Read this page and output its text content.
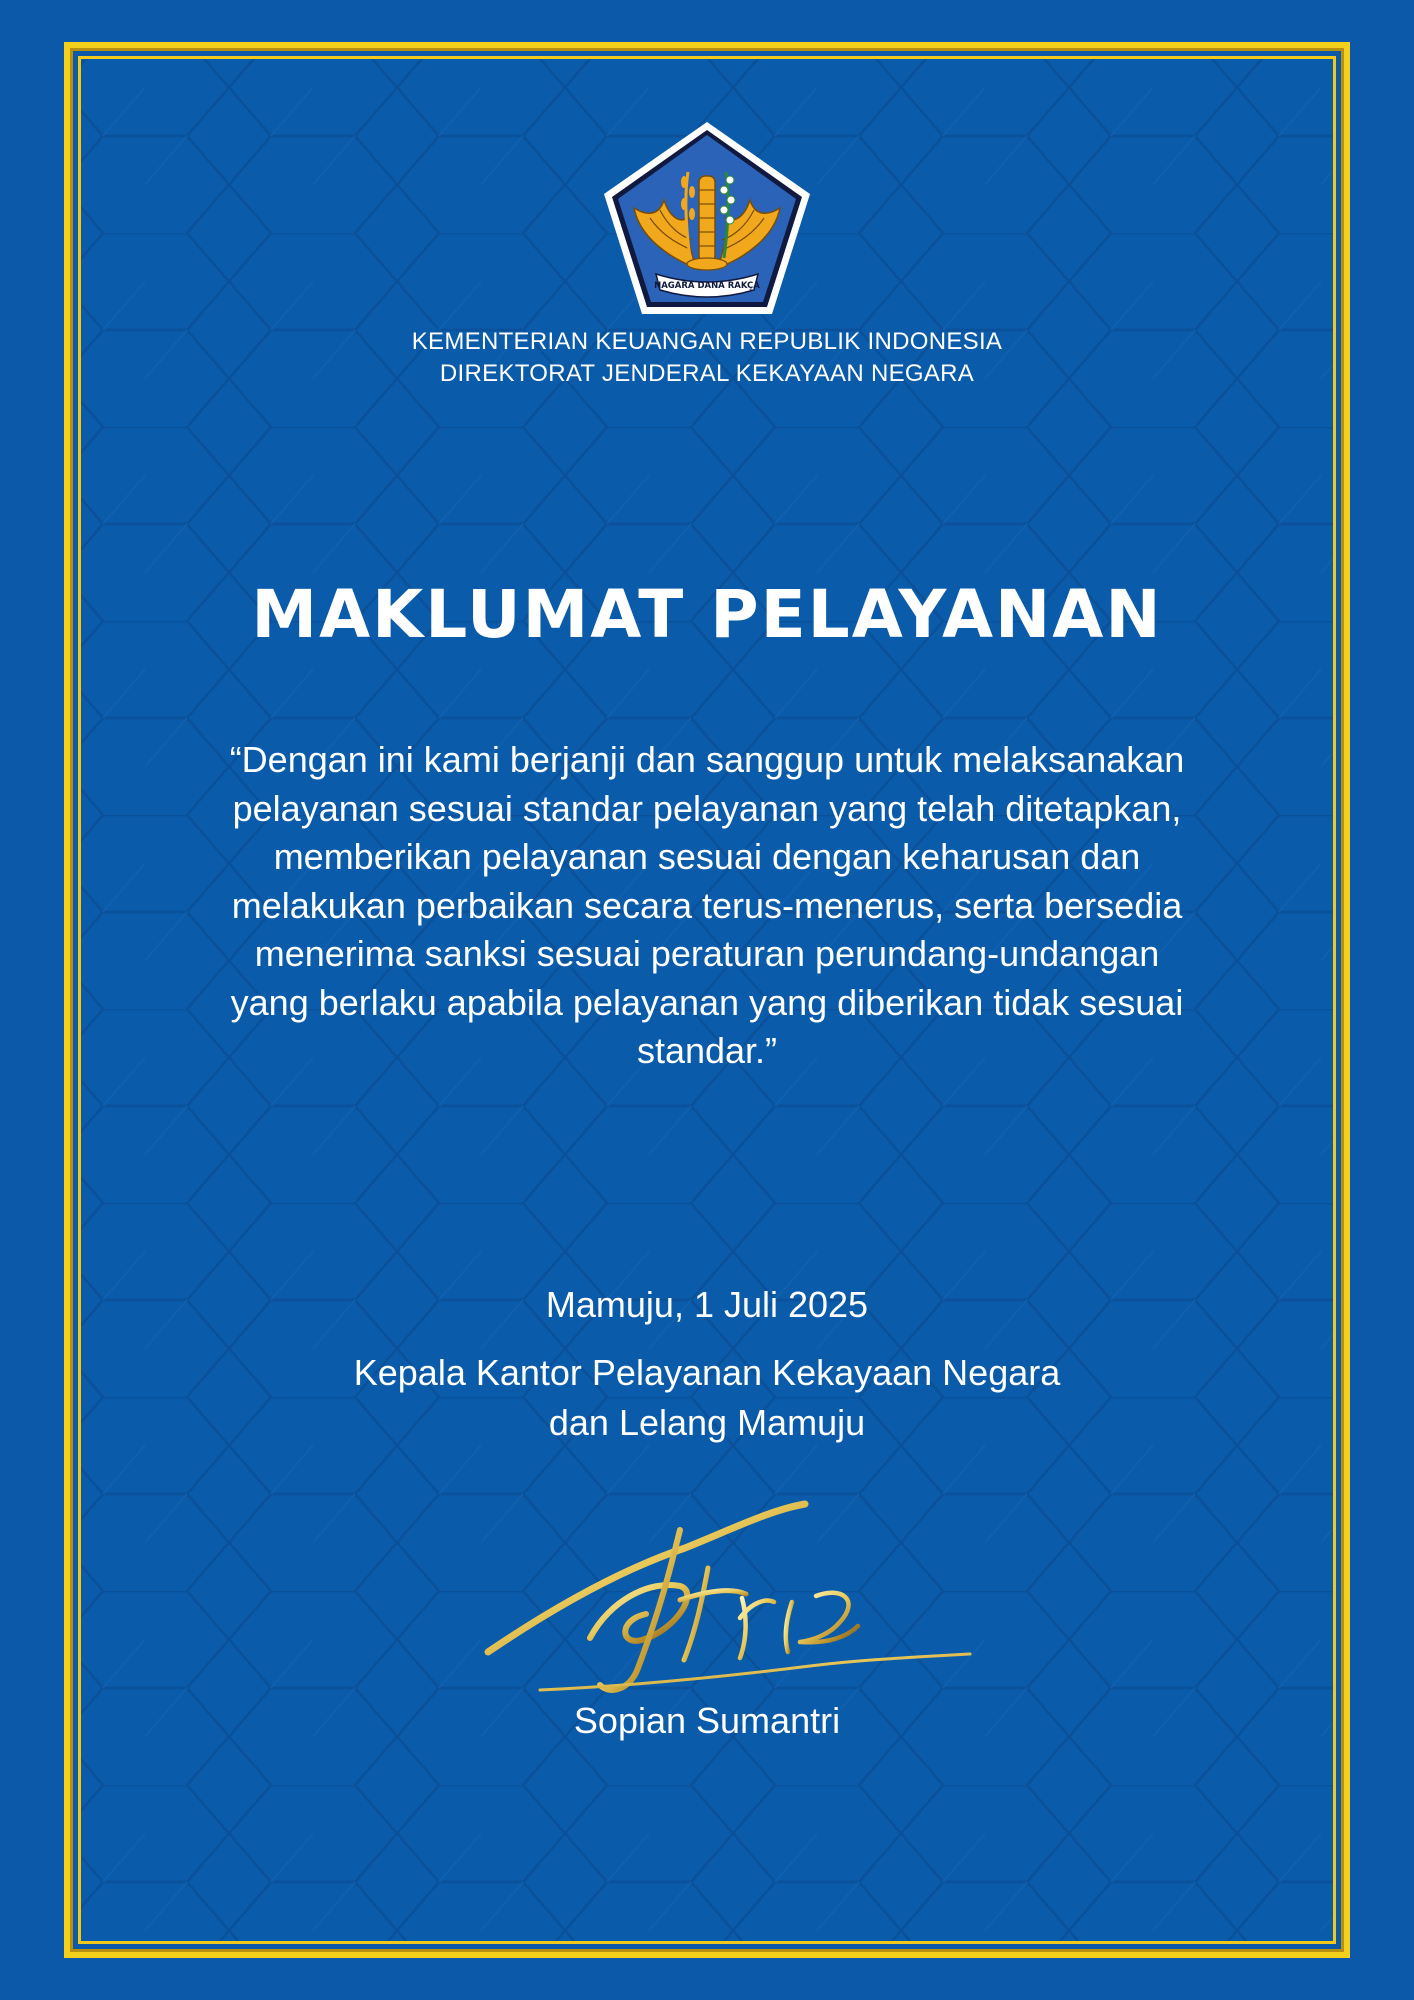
NAGARA DANA RAKÇA
KEMENTERIAN KEUANGAN REPUBLIK INDONESIA
DIREKTORAT JENDERAL KEKAYAAN NEGARA
MAKLUMAT PELAYANAN
“Dengan ini kami berjanji dan sanggup untuk melaksanakan
pelayanan sesuai standar pelayanan yang telah ditetapkan,
memberikan pelayanan sesuai dengan keharusan dan
melakukan perbaikan secara terus-menerus, serta bersedia
menerima sanksi sesuai peraturan perundang-undangan
yang berlaku apabila pelayanan yang diberikan tidak sesuai
standar.”
Mamuju, 1 Juli 2025
Kepala Kantor Pelayanan Kekayaan Negara
dan Lelang Mamuju
Sopian Sumantri
